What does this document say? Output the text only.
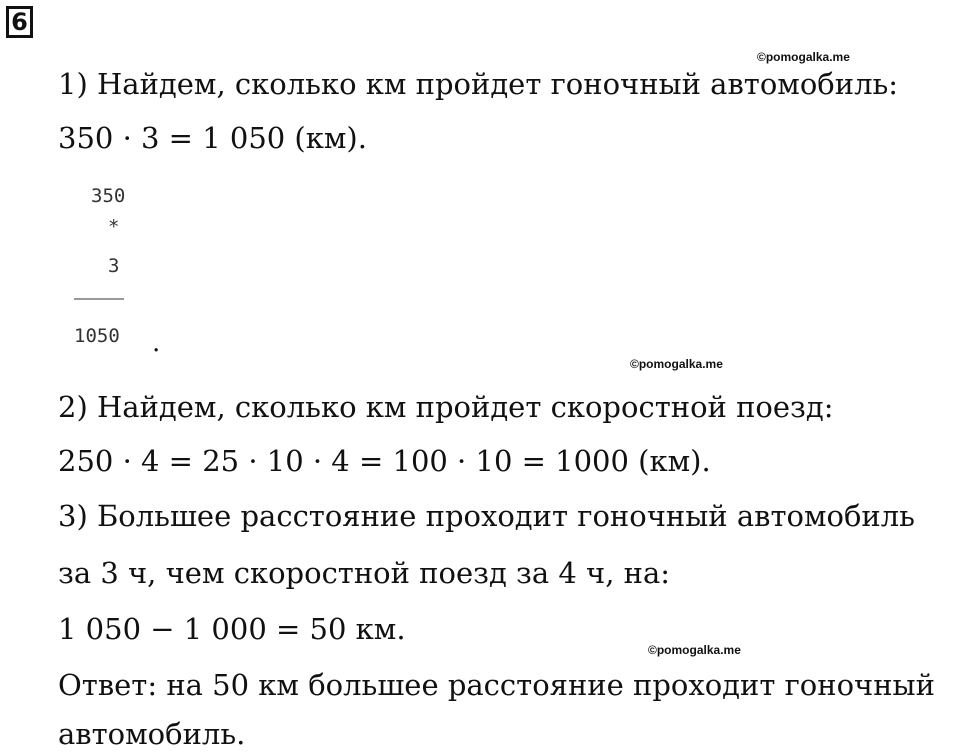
6
©pomogalka.me
©pomogalka.me
©pomogalka.me
1) Найдем, сколько км пройдет гоночный автомобиль:
350 · 3 = 1 050 (км).
350
*
3
1050 .
2) Найдем, сколько км пройдет скоростной поезд:
250 · 4 = 25 · 10 · 4 = 100 · 10 = 1000 (км).
3) Большее расстояние проходит гоночный автомобиль
за 3 ч, чем скоростной поезд за 4 ч, на:
1 050 − 1 000 = 50 км.
Ответ: на 50 км большее расстояние проходит гоночный
автомобиль.
